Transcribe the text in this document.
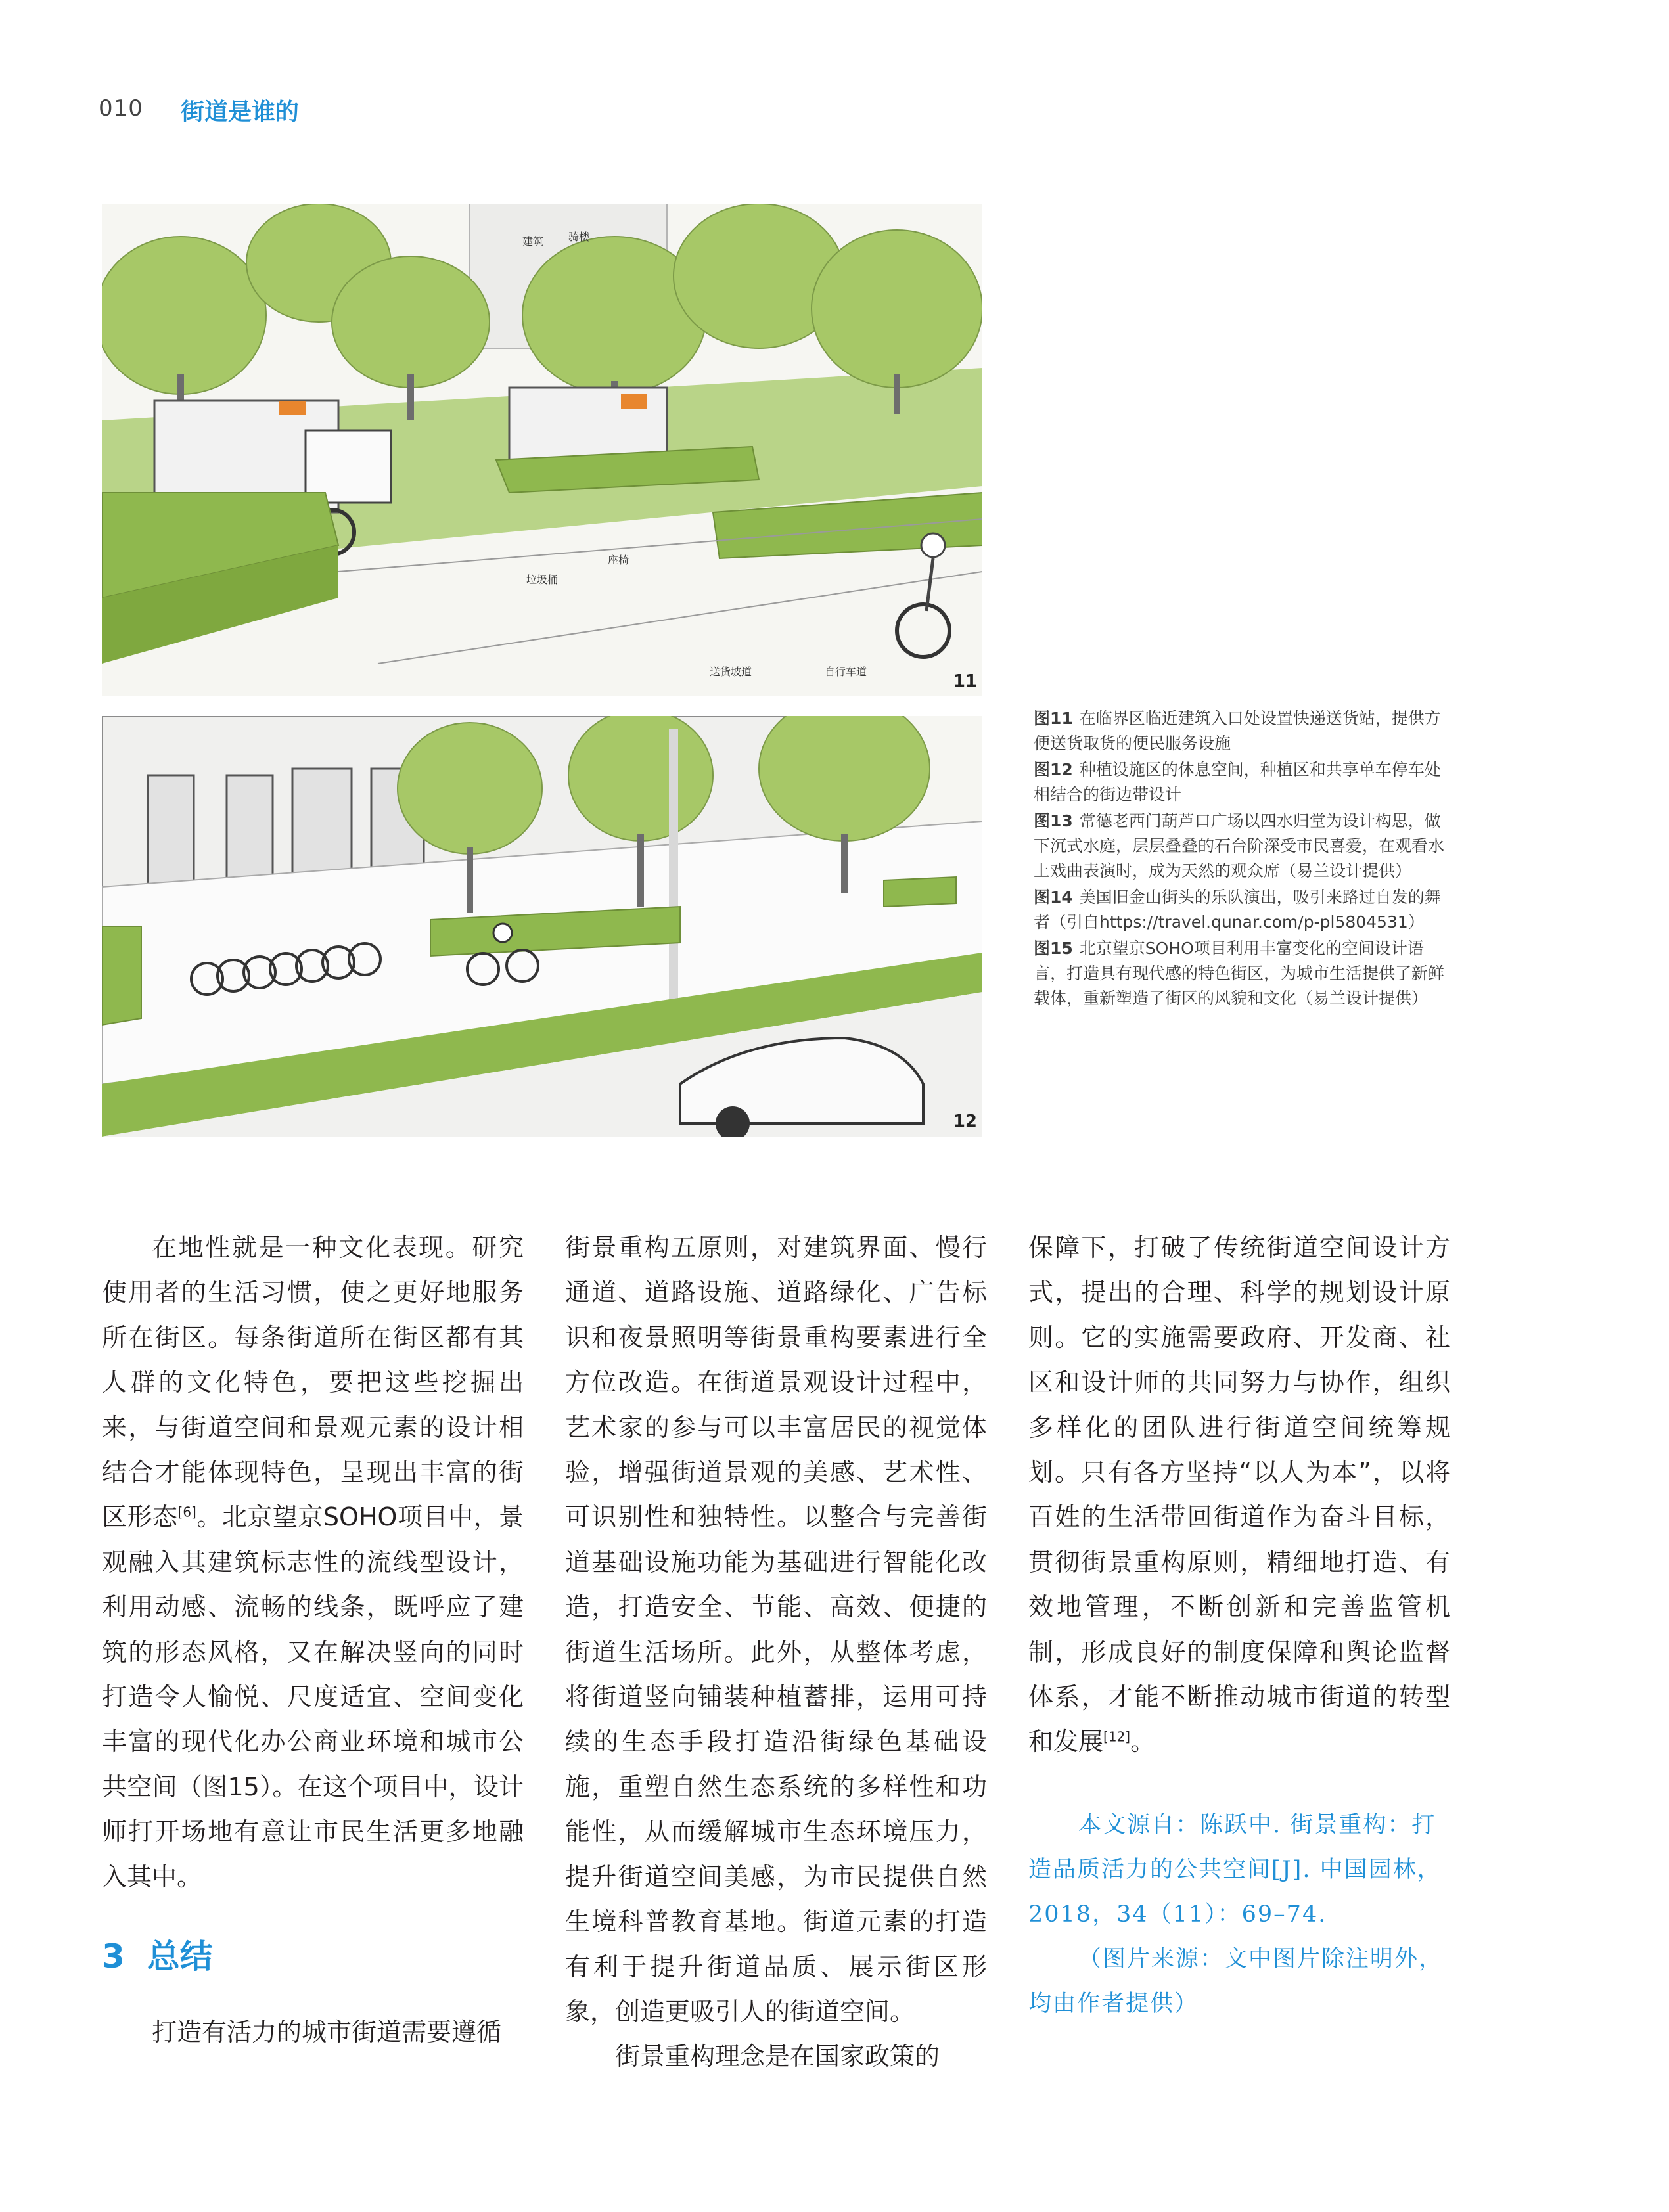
010 街道是谁的
垃圾桶
座椅
送货坡道	自行车道
建筑 骑楼
11
12

图11 在临界区临近建筑入口处设置快递送货站，提供方便送货取货的便民服务设施

图12 种植设施区的休息空间，种植区和共享单车停车处相结合的街边带设计

图13 常德老西门葫芦口广场以四水归堂为设计构思，做下沉式水庭，层层叠叠的石台阶深受市民喜爱，在观看水上戏曲表演时，成为天然的观众席（易兰设计提供）

图14 美国旧金山街头的乐队演出，吸引来路过自发的舞者（引自https://travel.qunar.com/p-pl5804531）

图15 北京望京SOHO项目利用丰富变化的空间设计语言，打造具有现代感的特色街区，为城市生活提供了新鲜载体，重新塑造了街区的风貌和文化（易兰设计提供）

在地性就是一种文化表现。研究使用者的生活习惯，使之更好地服务所在街区。每条街道所在街区都有其人群的文化特色，要把这些挖掘出来，与街道空间和景观元素的设计相结合才能体现特色，呈现出丰富的街区形态[6]。北京望京SOHO项目中，景观融入其建筑标志性的流线型设计，利用动感、流畅的线条，既呼应了建筑的形态风格，又在解决竖向的同时打造令人愉悦、尺度适宜、空间变化丰富的现代化办公商业环境和城市公共空间（图15）。在这个项目中，设计师打开场地有意让市民生活更多地融入其中。

3 总结

打造有活力的城市街道需要遵循

街景重构五原则，对建筑界面、慢行通道、道路设施、道路绿化、广告标识和夜景照明等街景重构要素进行全方位改造。在街道景观设计过程中，艺术家的参与可以丰富居民的视觉体验，增强街道景观的美感、艺术性、可识别性和独特性。以整合与完善街道基础设施功能为基础进行智能化改造，打造安全、节能、高效、便捷的街道生活场所。此外，从整体考虑，将街道竖向铺装种植蓄排，运用可持续的生态手段打造沿街绿色基础设施，重塑自然生态系统的多样性和功能性，从而缓解城市生态环境压力，提升街道空间美感，为市民提供自然生境科普教育基地。街道元素的打造有利于提升街道品质、展示街区形象，创造更吸引人的街道空间。

街景重构理念是在国家政策的

保障下，打破了传统街道空间设计方式，提出的合理、科学的规划设计原则。它的实施需要政府、开发商、社区和设计师的共同努力与协作，组织多样化的团队进行街道空间统筹规划。只有各方坚持“以人为本”，以将百姓的生活带回街道作为奋斗目标，贯彻街景重构原则，精细地打造、有效地管理，不断创新和完善监管机制，形成良好的制度保障和舆论监督体系，才能不断推动城市街道的转型和发展[12]。

本文源自：陈跃中. 街景重构：打造品质活力的公共空间[J]. 中国园林，2018，34（11）：69–74.

（图片来源：文中图片除注明外，均由作者提供）
